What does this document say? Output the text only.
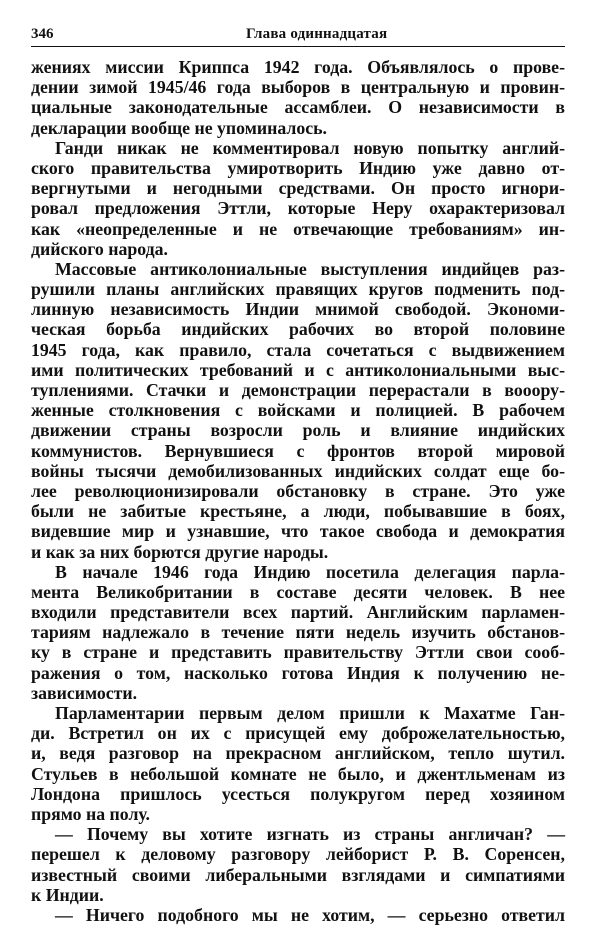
346	Глава одиннадцатая
жениях миссии Криппса 1942 года. Объявлялось о прове-
дении зимой 1945/46 года выборов в центральную и провин-
циальные законодательные ассамблеи. О независимости в
декларации вообще не упоминалось.
Ганди никак не комментировал новую попытку англий-
ского правительства умиротворить Индию уже давно от-
вергнутыми и негодными средствами. Он просто игнори-
ровал предложения Эттли, которые Неру охарактеризовал
как «неопределенные и не отвечающие требованиям» ин-
дийского народа.
Массовые антиколониальные выступления индийцев раз-
рушили планы английских правящих кругов подменить под-
линную независимость Индии мнимой свободой. Экономи-
ческая борьба индийских рабочих во второй половине
1945 года, как правило, стала сочетаться с выдвижением
ими политических требований и с антиколониальными выс-
туплениями. Стачки и демонстрации перерастали в вооору-
женные столкновения с войсками и полицией. В рабочем
движении страны возросли роль и влияние индийских
коммунистов. Вернувшиеся с фронтов второй мировой
войны тысячи демобилизованных индийских солдат еще бо-
лее революционизировали обстановку в стране. Это уже
были не забитые крестьяне, а люди, побывавшие в боях,
видевшие мир и узнавшие, что такое свобода и демократия
и как за них борются другие народы.
В начале 1946 года Индию посетила делегация парла-
мента Великобритании в составе десяти человек. В нее
входили представители всех партий. Английским парламен-
тариям надлежало в течение пяти недель изучить обстанов-
ку в стране и представить правительству Эттли свои сооб-
ражения о том, насколько готова Индия к получению не-
зависимости.
Парламентарии первым делом пришли к Махатме Ган-
ди. Встретил он их с присущей ему доброжелательностью,
и, ведя разговор на прекрасном английском, тепло шутил.
Стульев в небольшой комнате не было, и джентльменам из
Лондона пришлось усесться полукругом перед хозяином
прямо на полу.
— Почему вы хотите изгнать из страны англичан? —
перешел к деловому разговору лейборист Р. В. Соренсен,
известный своими либеральными взглядами и симпатиями
к Индии.
— Ничего подобного мы не хотим, — серьезно ответил
